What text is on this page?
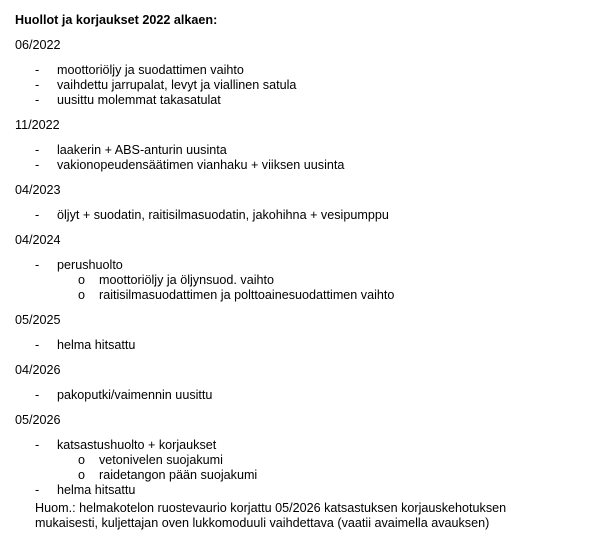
Huollot ja korjaukset 2022 alkaen:
06/2022
- moottoriöljy ja suodattimen vaihto
- vaihdettu jarrupalat, levyt ja viallinen satula
- uusittu molemmat takasatulat
11/2022
- laakerin + ABS-anturin uusinta
- vakionopeudensäätimen vianhaku + viiksen uusinta
04/2023
- öljyt + suodatin, raitisilmasuodatin, jakohihna + vesipumppu
04/2024
- perushuolto
o moottoriöljy ja öljynsuod. vaihto
o raitisilmasuodattimen ja polttoainesuodattimen vaihto
05/2025
- helma hitsattu
04/2026
- pakoputki/vaimennin uusittu
05/2026
- katsastushuolto + korjaukset
o vetonivelen suojakumi
o raidetangon pään suojakumi
- helma hitsattu
Huom.: helmakotelon ruostevaurio korjattu 05/2026 katsastuksen korjauskehotuksen mukaisesti, kuljettajan oven lukkomoduuli vaihdettava (vaatii avaimella avauksen)
